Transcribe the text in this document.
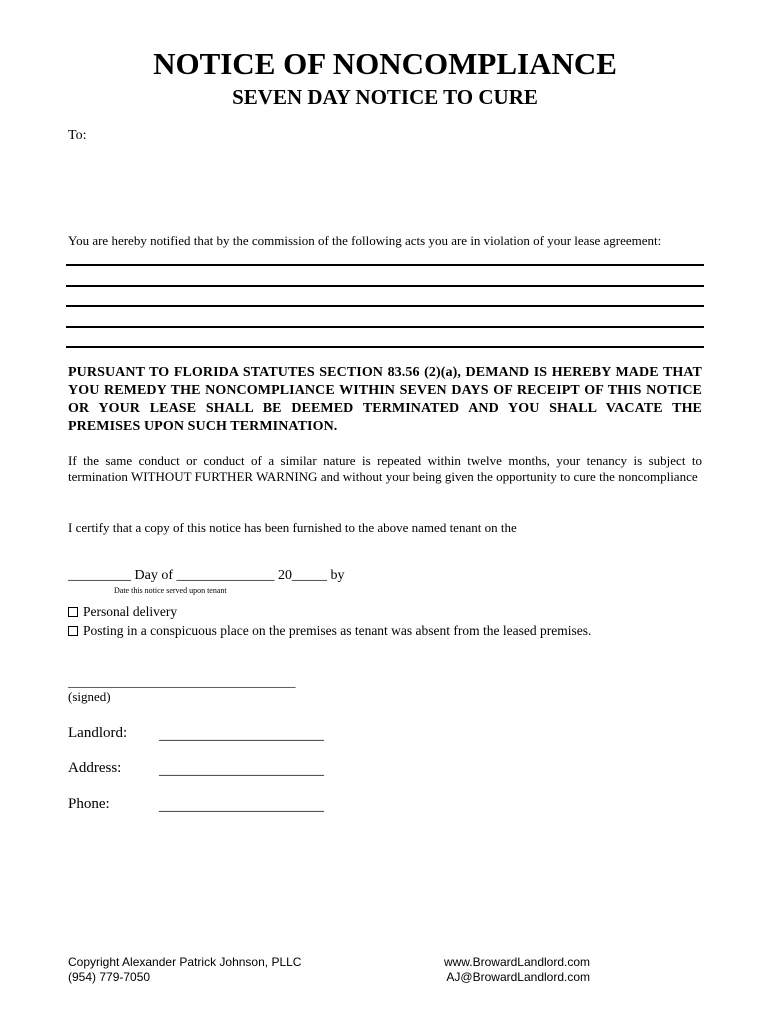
NOTICE OF NONCOMPLIANCE
SEVEN DAY NOTICE TO CURE
To:
You are hereby notified that by the commission of the following acts you are in violation of your lease agreement:
PURSUANT TO FLORIDA STATUTES SECTION 83.56 (2)(a), DEMAND IS HEREBY MADE THAT YOU REMEDY THE NONCOMPLIANCE WITHIN SEVEN DAYS OF RECEIPT OF THIS NOTICE OR YOUR LEASE SHALL BE DEEMED TERMINATED AND YOU SHALL VACATE THE PREMISES UPON SUCH TERMINATION.
If the same conduct or conduct of a similar nature is repeated within twelve months, your tenancy is subject to termination WITHOUT FURTHER WARNING and without your being given the opportunity to cure the noncompliance
I certify that a copy of this notice has been furnished to the above named tenant on the
_________ Day of ______________ 20_____ by
Date this notice served upon tenant
Personal delivery
Posting in a conspicuous place on the premises as tenant was absent from the leased premises.
___________________________________
(signed)
Landlord: ______________________
Address:	______________________
Phone:	______________________
Copyright Alexander Patrick Johnson, PLLC
(954) 779-7050
www.BrowardLandlord.com
AJ@BrowardLandlord.com
